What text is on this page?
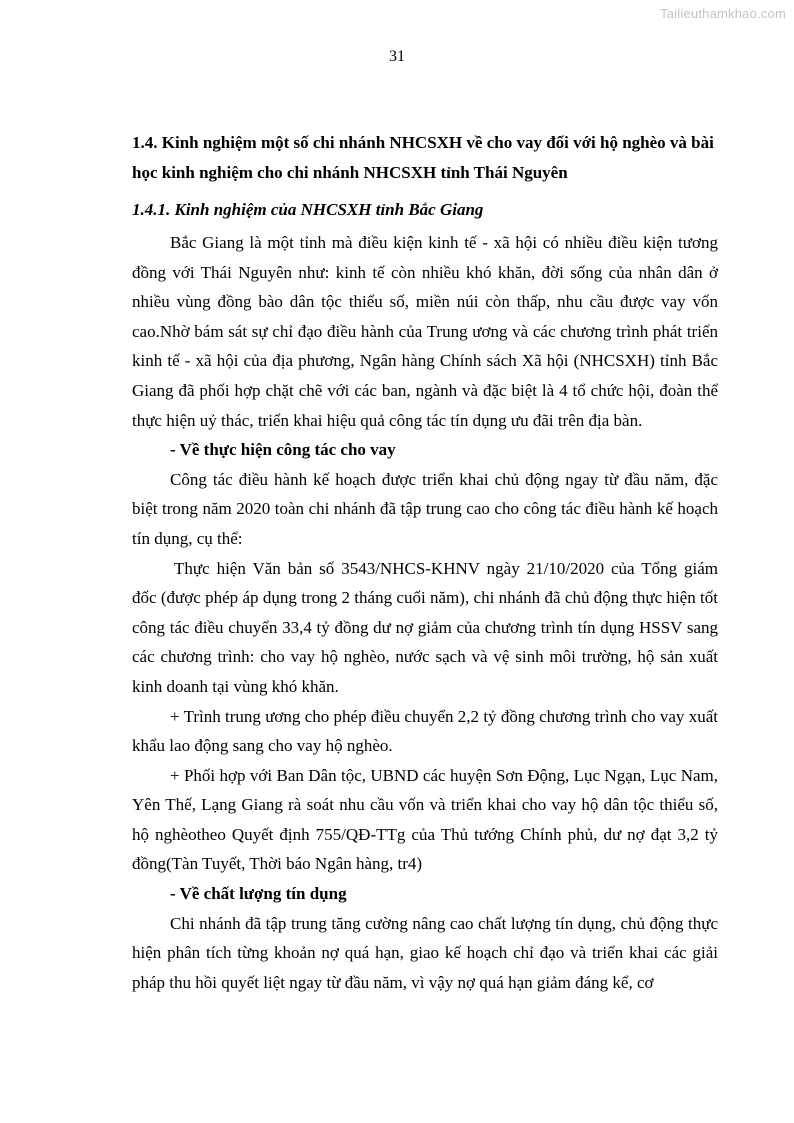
Tailieuthamkhao.com
31

1.4. Kinh nghiệm một số chi nhánh NHCSXH về cho vay đối với hộ nghèo và bài học kinh nghiệm cho chi nhánh NHCSXH tỉnh Thái Nguyên

1.4.1. Kinh nghiệm của NHCSXH tỉnh Bắc Giang

Bắc Giang là một tỉnh mà điều kiện kinh tế - xã hội có nhiều điều kiện tương đồng với Thái Nguyên như: kinh tế còn nhiều khó khăn, đời sống của nhân dân ở nhiều vùng đồng bào dân tộc thiểu số, miền núi còn thấp, nhu cầu được vay vốn cao.Nhờ bám sát sự chỉ đạo điều hành của Trung ương và các chương trình phát triển kinh tế - xã hội của địa phương, Ngân hàng Chính sách Xã hội (NHCSXH) tỉnh Bắc Giang đã phối hợp chặt chẽ với các ban, ngành và đặc biệt là 4 tổ chức hội, đoàn thể thực hiện uỷ thác, triển khai hiệu quả công tác tín dụng ưu đãi trên địa bàn.

- Về thực hiện công tác cho vay

Công tác điều hành kế hoạch được triển khai chủ động ngay từ đầu năm, đặc biệt trong năm 2020 toàn chi nhánh đã tập trung cao cho công tác điều hành kế hoạch tín dụng, cụ thể:

Thực hiện Văn bản số 3543/NHCS-KHNV ngày 21/10/2020 của Tổng giám đốc (được phép áp dụng trong 2 tháng cuối năm), chi nhánh đã chủ động thực hiện tốt công tác điều chuyển 33,4 tỷ đồng dư nợ giảm của chương trình tín dụng HSSV sang các chương trình: cho vay hộ nghèo, nước sạch và vệ sinh môi trường, hộ sản xuất kinh doanh tại vùng khó khăn.

+ Trình trung ương cho phép điều chuyển 2,2 tỷ đồng chương trình cho vay xuất khẩu lao động sang cho vay hộ nghèo.

+ Phối hợp với Ban Dân tộc, UBND các huyện Sơn Động, Lục Ngạn, Lục Nam, Yên Thế, Lạng Giang rà soát nhu cầu vốn và triển khai cho vay hộ dân tộc thiểu số, hộ nghèotheo Quyết định 755/QĐ-TTg của Thủ tướng Chính phủ, dư nợ đạt 3,2 tỷ đồng(Tàn Tuyết, Thời báo Ngân hàng, tr4)

- Về chất lượng tín dụng

Chi nhánh đã tập trung tăng cường nâng cao chất lượng tín dụng, chủ động thực hiện phân tích từng khoản nợ quá hạn, giao kế hoạch chỉ đạo và triển khai các giải pháp thu hồi quyết liệt ngay từ đầu năm, vì vậy nợ quá hạn giảm đáng kể, cơ
